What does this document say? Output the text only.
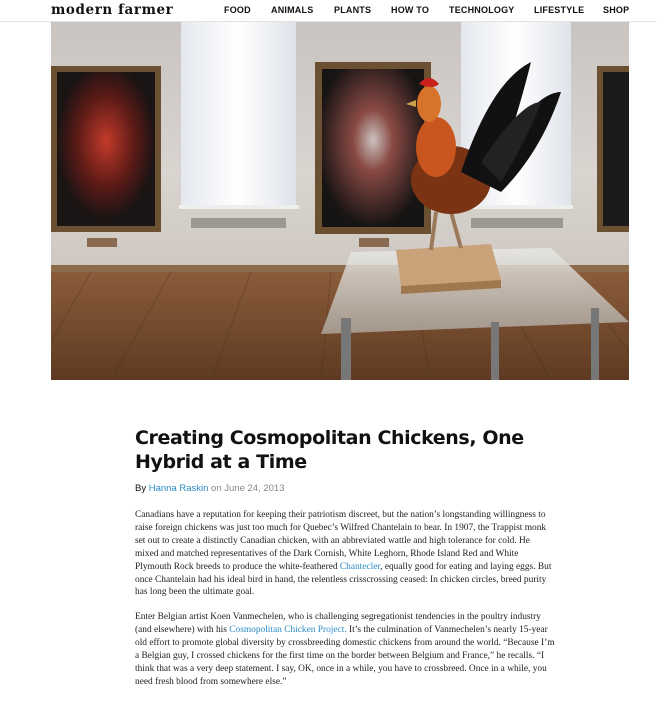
modern farmer	FOOD ANIMALS PLANTS HOW TO TECHNOLOGY LIFESTYLE SHOP
Creating Cosmopolitan Chickens, One Hybrid at a Time
By Hanna Raskin on June 24, 2013

Canadians have a reputation for keeping their patriotism discreet, but the nation’s longstanding willingness to raise foreign chickens was just too much for Quebec’s Wilfred Chantelain to bear. In 1907, the Trappist monk set out to create a distinctly Canadian chicken, with an abbreviated wattle and high tolerance for cold. He mixed and matched representatives of the Dark Cornish, White Leghorn, Rhode Island Red and White Plymouth Rock breeds to produce the white-feathered Chantecler, equally good for eating and laying eggs. But once Chantelain had his ideal bird in hand, the relentless crisscrossing ceased: In chicken circles, breed purity has long been the ultimate goal.

Enter Belgian artist Koen Vanmechelen, who is challenging segregationist tendencies in the poultry industry (and elsewhere) with his Cosmopolitan Chicken Project. It’s the culmination of Vanmechelen’s nearly 15-year old effort to promote global diversity by crossbreeding domestic chickens from around the world. “Because I’m a Belgian guy, I crossed chickens for the first time on the border between Belgium and France,” he recalls. “I think that was a very deep statement. I say, OK, once in a while, you have to crossbreed. Once in a while, you need fresh blood from somewhere else.”
